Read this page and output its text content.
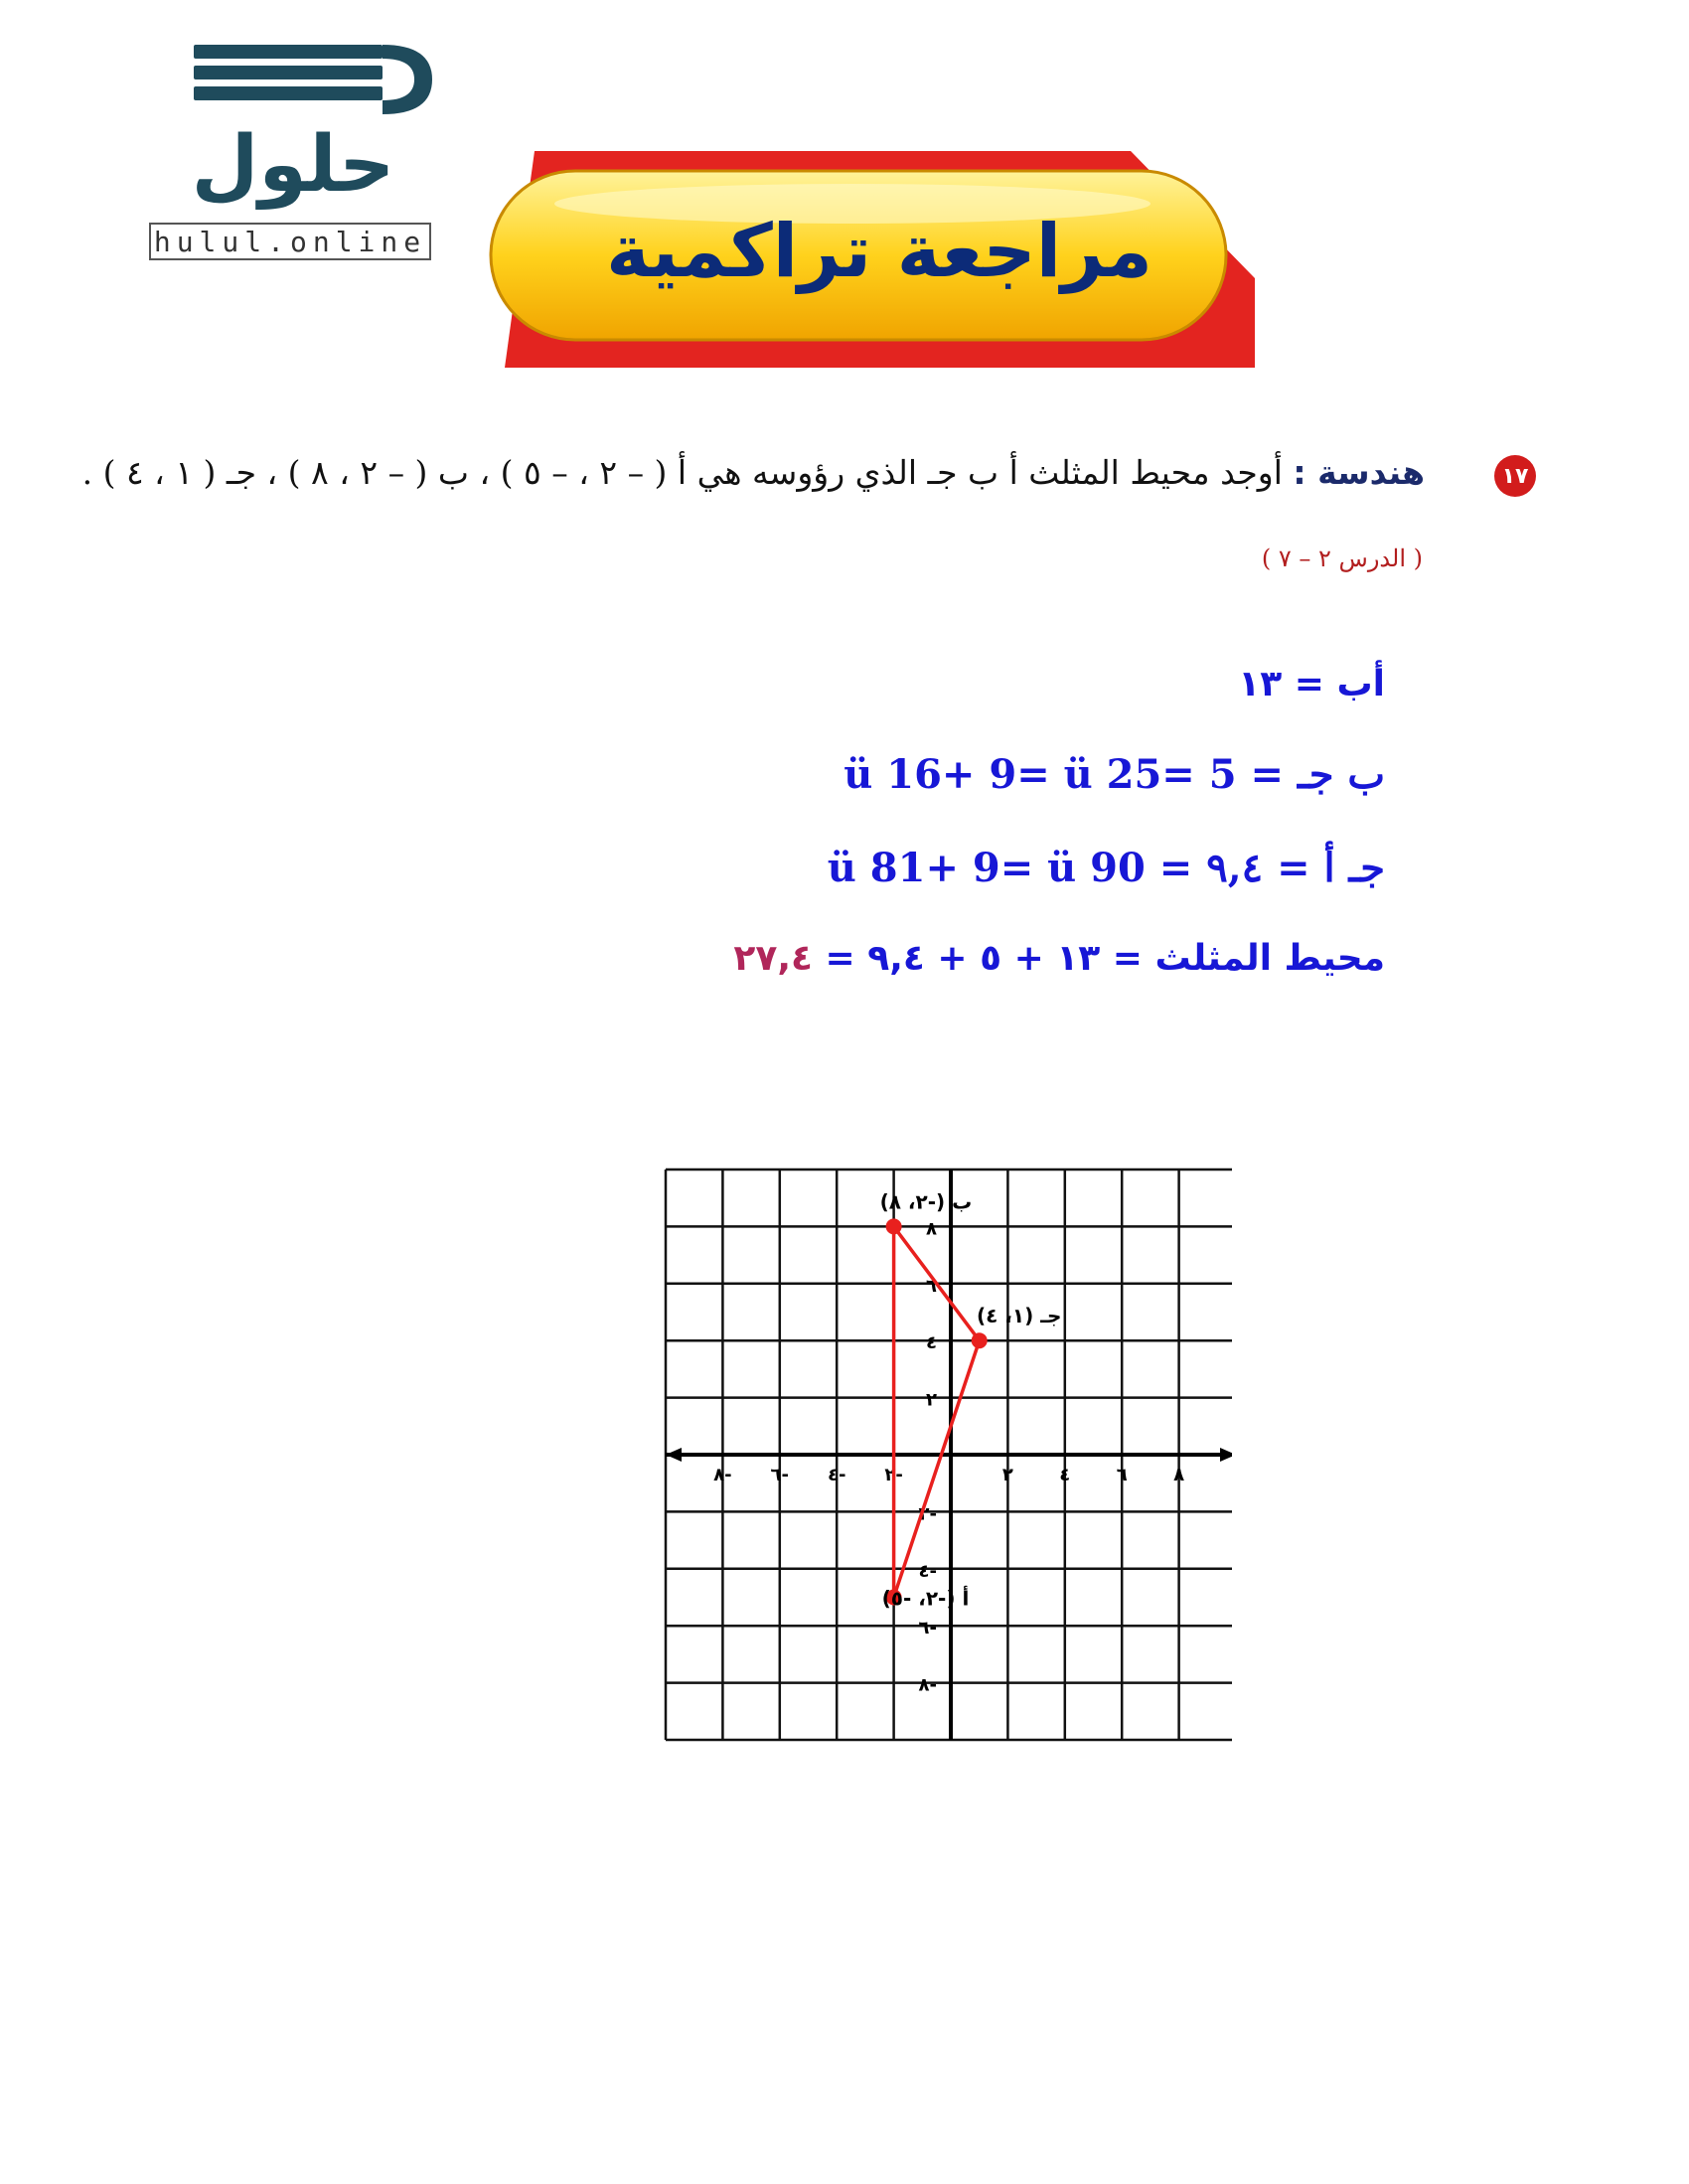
حلول
hulul.online	مراجعة تراكمية
١٧
هندسة : أوجد محيط المثلث أ ب جـ الذي رؤوسه هي أ ( – ٢ ، – ٥ ) ، ب ( – ٢ ، ٨ ) ، جـ ( ١ ، ٤ ) .
( الدرس ٢ – ٧ )
أب = ١٣
ب جـ = ü 16+ 9= ü 25= 5
جـ أ = ü 81+ 9= ü 90 = ٩,٤
محيط المثلث = ١٣ + ٥ + ٩,٤ = ٢٧,٤
٨- ٦- ٤- ٢-	٢	٤	٦	٨
٨
٦
٤
٢
٢-
٤-
٦-
٨-
أ (-٢، -٥)
ب (-٢، ٨)
جـ (١، ٤)
